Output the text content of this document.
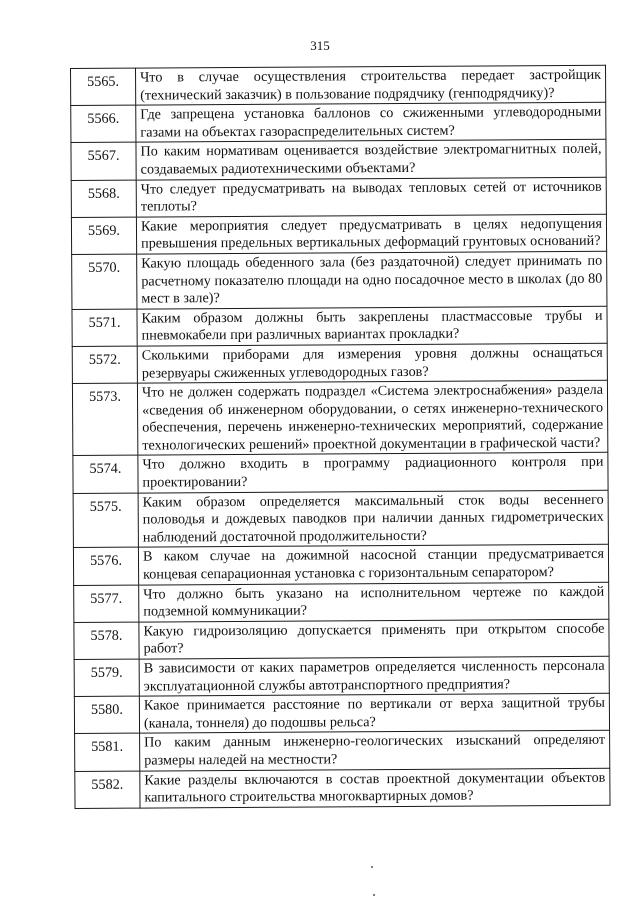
315
5565.	Что в случае осуществления строительства передает застройщик (технический заказчик) в пользование подрядчику (генподрядчику)?
5566.	Где запрещена установка баллонов со сжиженными углеводородными газами на объектах газораспределительных систем?
5567.	По каким нормативам оценивается воздействие электромагнитных полей, создаваемых радиотехническими объектами?
5568.	Что следует предусматривать на выводах тепловых сетей от источников теплоты?
5569.	Какие мероприятия следует предусматривать в целях недопущения превышения предельных вертикальных деформаций грунтовых оснований?
5570.	Какую площадь обеденного зала (без раздаточной) следует принимать по расчетному показателю площади на одно посадочное место в школах (до 80 мест в зале)?
5571.	Каким образом должны быть закреплены пластмассовые трубы и пневмокабели при различных вариантах прокладки?
5572.	Сколькими приборами для измерения уровня должны оснащаться резервуары сжиженных углеводородных газов?
5573.	Что не должен содержать подраздел «Система электроснабжения» раздела «сведения об инженерном оборудовании, о сетях инженерно-технического обеспечения, перечень инженерно-технических мероприятий, содержание технологических решений» проектной документации в графической части?
5574.	Что должно входить в программу радиационного контроля при проектировании?
5575.	Каким образом определяется максимальный сток воды весеннего половодья и дождевых паводков при наличии данных гидрометрических наблюдений достаточной продолжительности?
5576.	В каком случае на дожимной насосной станции предусматривается концевая сепарационная установка с горизонтальным сепаратором?
5577.	Что должно быть указано на исполнительном чертеже по каждой подземной коммуникации?
5578.	Какую гидроизоляцию допускается применять при открытом способе работ?
5579.	В зависимости от каких параметров определяется численность персонала эксплуатационной службы автотранспортного предприятия?
5580.	Какое принимается расстояние по вертикали от верха защитной трубы (канала, тоннеля) до подошвы рельса?
5581.	По каким данным инженерно-геологических изысканий определяют размеры наледей на местности?
5582.	Какие разделы включаются в состав проектной документации объектов капитального строительства многоквартирных домов?
